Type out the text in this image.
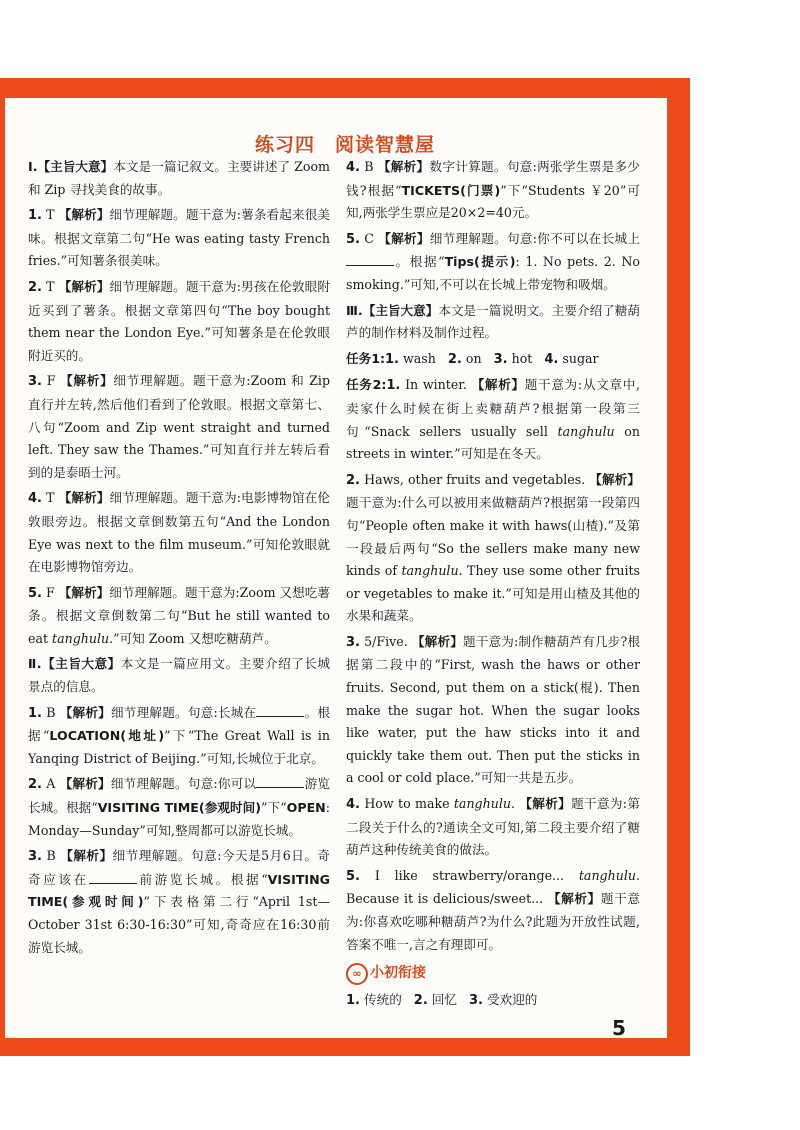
练习四　阅读智慧屋

Ⅰ.【主旨大意】本文是一篇记叙文。主要讲述了 Zoom 和 Zip 寻找美食的故事。

1. T 【解析】细节理解题。题干意为:薯条看起来很美味。根据文章第二句“He was eating tasty French fries.”可知薯条很美味。

2. T 【解析】细节理解题。题干意为:男孩在伦敦眼附近买到了薯条。根据文章第四句“The boy bought them near the London Eye.”可知薯条是在伦敦眼附近买的。

3. F 【解析】细节理解题。题干意为:Zoom 和 Zip 直行并左转,然后他们看到了伦敦眼。根据文章第七、八句“Zoom and Zip went straight and turned left. They saw the Thames.”可知直行并左转后看到的是泰晤士河。

4. T 【解析】细节理解题。题干意为:电影博物馆在伦敦眼旁边。根据文章倒数第五句“And the London Eye was next to the film museum.”可知伦敦眼就在电影博物馆旁边。

5. F 【解析】细节理解题。题干意为:Zoom 又想吃薯条。根据文章倒数第二句“But he still wanted to eat tanghulu.”可知 Zoom 又想吃糖葫芦。

Ⅱ.【主旨大意】本文是一篇应用文。主要介绍了长城景点的信息。

1. B 【解析】细节理解题。句意:长城在	。根据“LOCATION(地址)”下“The Great Wall is in Yanqing District of Beijing.”可知,长城位于北京。

2. A 【解析】细节理解题。句意:你可以	游览长城。根据“VISITING TIME(参观时间)”下“OPEN: Monday—Sunday”可知,整周都可以游览长城。

3. B 【解析】细节理解题。句意:今天是5月6日。奇奇应该在	前游览长城。根据“VISITING TIME(参观时间)”下表格第二行“April 1st—October 31st 6:30-16:30”可知,奇奇应在16:30前游览长城。

4. B 【解析】数字计算题。句意:两张学生票是多少钱?根据“TICKETS(门票)”下“Students ￥20”可知,两张学生票应是20×2=40元。

5. C 【解析】细节理解题。句意:你不可以在长城上。根据“Tips(提示): 1. No pets. 2. No smoking.”可知,不可以在长城上带宠物和吸烟。

Ⅲ.【主旨大意】本文是一篇说明文。主要介绍了糖葫芦的制作材料及制作过程。

任务1:1. wash 2. on 3. hot 4. sugar

任务2:1. In winter. 【解析】题干意为:从文章中,卖家什么时候在街上卖糖葫芦?根据第一段第三句“Snack sellers usually sell tanghulu on streets in winter.”可知是在冬天。

2. Haws, other fruits and vegetables. 【解析】题干意为:什么可以被用来做糖葫芦?根据第一段第四句“People often make it with haws(山楂).”及第一段最后两句“So the sellers make many new kinds of tanghulu. They use some other fruits or vegetables to make it.”可知是用山楂及其他的水果和蔬菜。

3. 5/Five. 【解析】题干意为:制作糖葫芦有几步?根据第二段中的“First, wash the haws or other fruits. Second, put them on a stick(棍). Then make the sugar hot. When the sugar looks like water, put the haw sticks into it and quickly take them out. Then put the sticks in a cool or cold place.”可知一共是五步。

4. How to make tanghulu. 【解析】题干意为:第二段关于什么的?通读全文可知,第二段主要介绍了糖葫芦这种传统美食的做法。

5. I like strawberry/orange... tanghulu. Because it is delicious/sweet... 【解析】题干意为:你喜欢吃哪种糖葫芦?为什么?此题为开放性试题,答案不唯一,言之有理即可。

∞ 小初衔接

1. 传统的 2. 回忆 3. 受欢迎的

5
